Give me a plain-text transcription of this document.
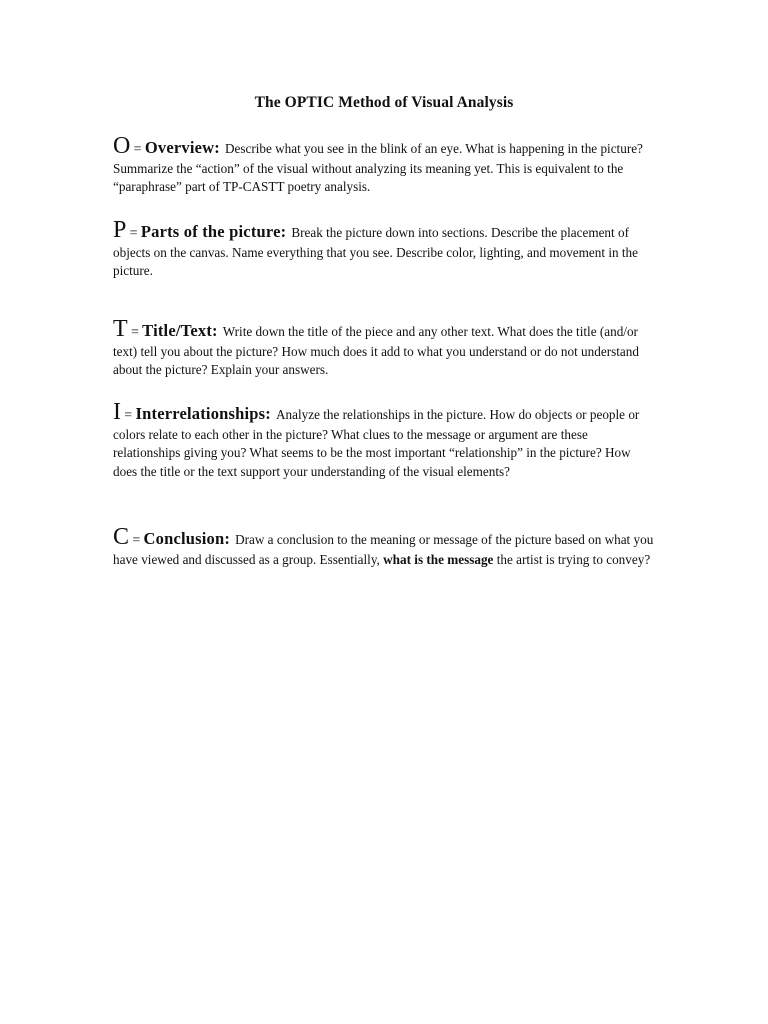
The OPTIC Method of Visual Analysis
O = Overview: Describe what you see in the blink of an eye. What is happening in the picture? Summarize the “action” of the visual without analyzing its meaning yet. This is equivalent to the “paraphrase” part of TP-CASTT poetry analysis.
P = Parts of the picture: Break the picture down into sections. Describe the placement of objects on the canvas. Name everything that you see. Describe color, lighting, and movement in the picture.
T = Title/Text: Write down the title of the piece and any other text. What does the title (and/or text) tell you about the picture? How much does it add to what you understand or do not understand about the picture? Explain your answers.
I = Interrelationships: Analyze the relationships in the picture. How do objects or people or colors relate to each other in the picture? What clues to the message or argument are these relationships giving you? What seems to be the most important “relationship” in the picture? How does the title or the text support your understanding of the visual elements?
C = Conclusion: Draw a conclusion to the meaning or message of the picture based on what you have viewed and discussed as a group. Essentially, what is the message the artist is trying to convey?
